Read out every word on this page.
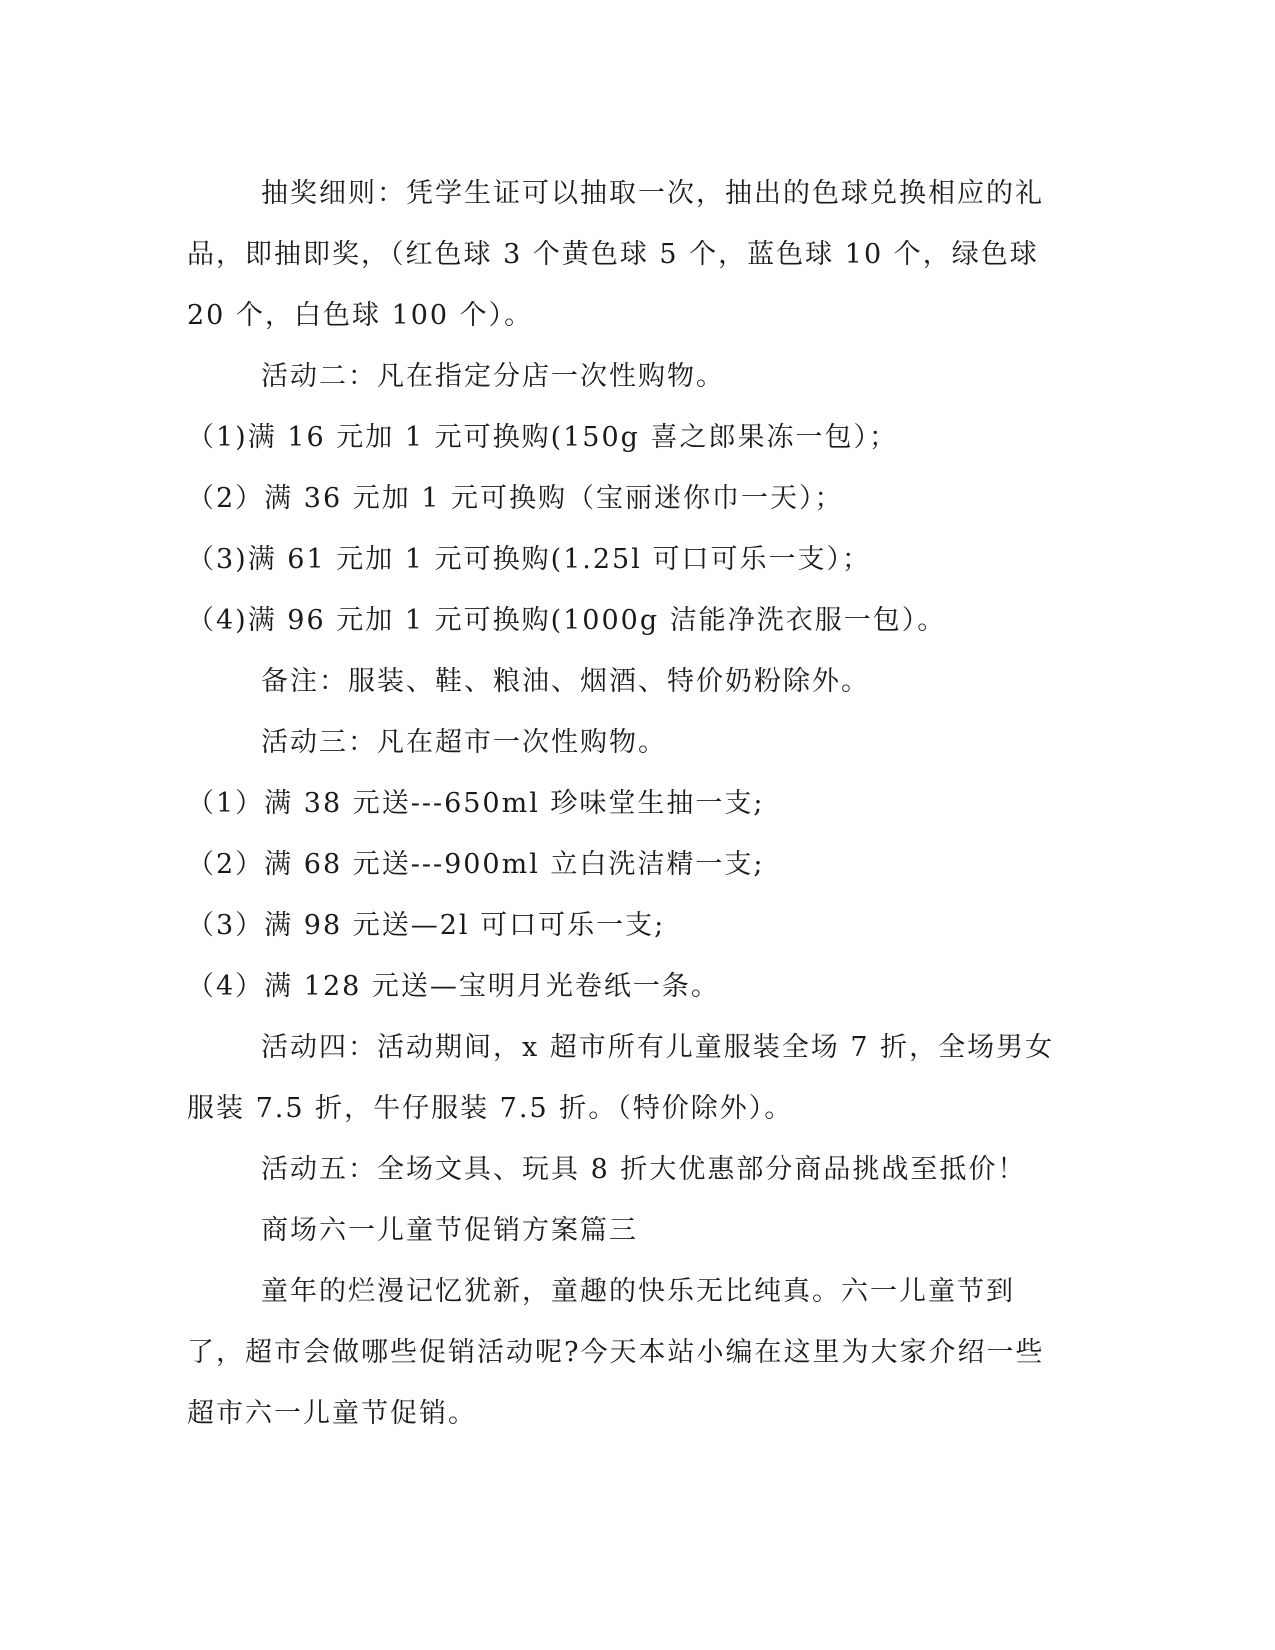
抽奖细则：凭学生证可以抽取一次，抽出的色球兑换相应的礼品，即抽即奖，（红色球 3 个黄色球 5 个，蓝色球 10 个，绿色球 20 个，白色球 100 个）。

活动二：凡在指定分店一次性购物。

（1)满 16 元加 1 元可换购(150g 喜之郎果冻一包）；

（2）满 36 元加 1 元可换购（宝丽迷你巾一天）；

（3)满 61 元加 1 元可换购(1.25l 可口可乐一支）；

（4)满 96 元加 1 元可换购(1000g 洁能净洗衣服一包）。

备注：服装、鞋、粮油、烟酒、特价奶粉除外。

活动三：凡在超市一次性购物。

（1）满 38 元送---650ml 珍味堂生抽一支;

（2）满 68 元送---900ml 立白洗洁精一支;

（3）满 98 元送—2l 可口可乐一支;

（4）满 128 元送—宝明月光卷纸一条。

活动四：活动期间，x 超市所有儿童服装全场 7 折，全场男女服装 7.5 折，牛仔服装 7.5 折。（特价除外）。

活动五：全场文具、玩具 8 折大优惠部分商品挑战至抵价！

商场六一儿童节促销方案篇三

童年的烂漫记忆犹新，童趣的快乐无比纯真。六一儿童节到了，超市会做哪些促销活动呢?今天本站小编在这里为大家介绍一些超市六一儿童节促销。
